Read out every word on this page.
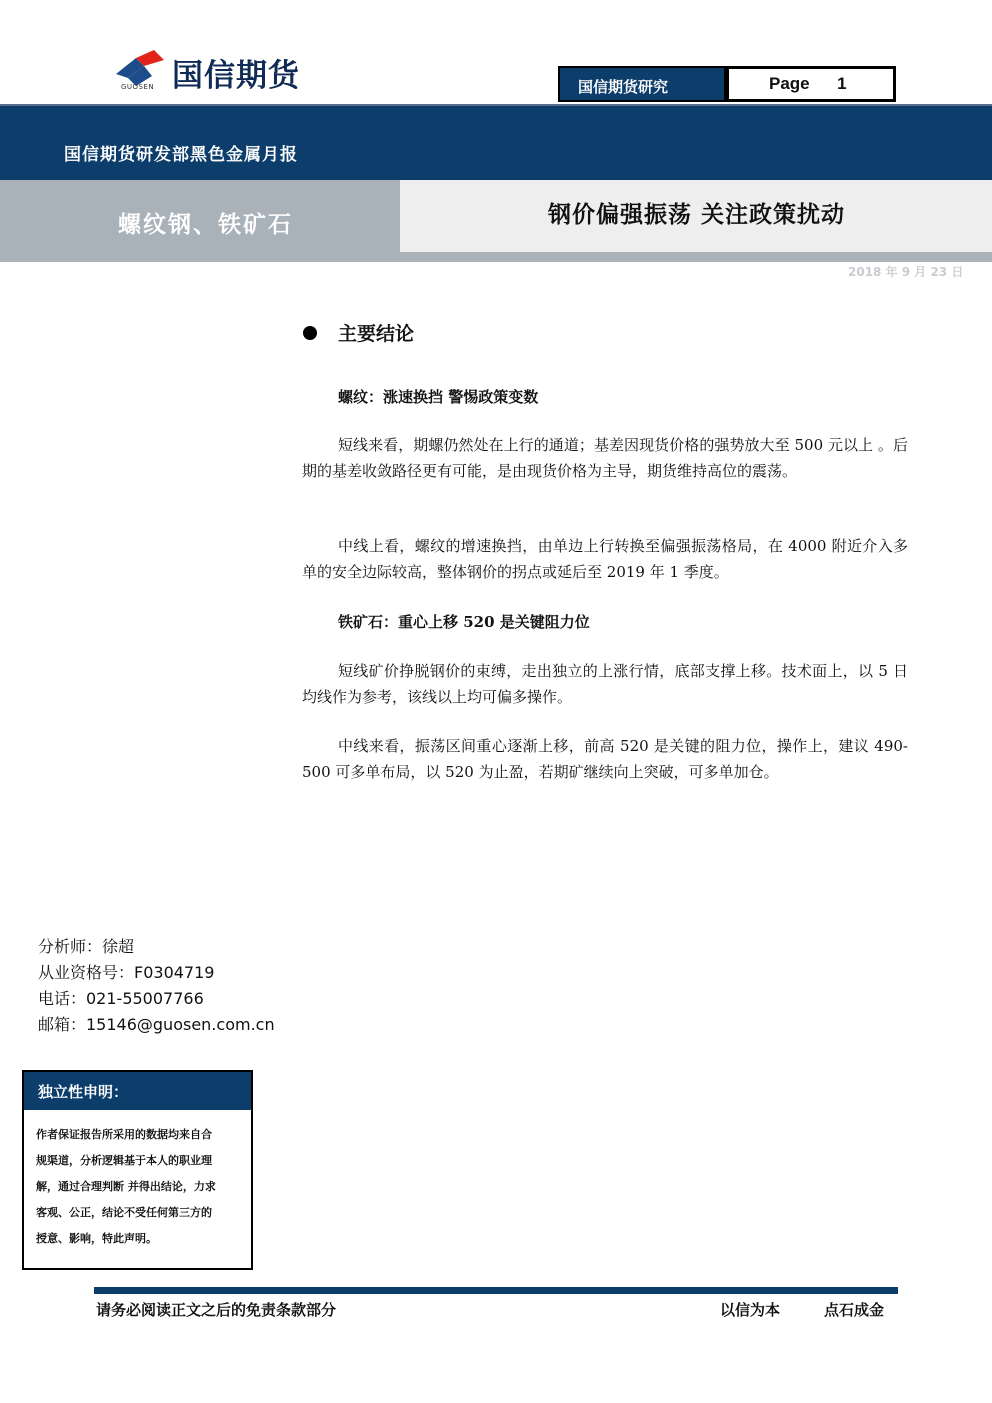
国信期货
GUOSEN	国信期货研究	Page 1
国信期货研发部黑色金属月报
螺纹钢、铁矿石	钢价偏强振荡 关注政策扰动
2018 年 9 月 23 日
主要结论
螺纹：涨速换挡 警惕政策变数
短线来看，期螺仍然处在上行的通道；基差因现货价格的强势放大至 500 元以上 。后期的基差收敛路径更有可能，是由现货价格为主导，期货维持高位的震荡。
中线上看，螺纹的增速换挡，由单边上行转换至偏强振荡格局，在 4000 附近介入多单的安全边际较高，整体钢价的拐点或延后至 2019 年 1 季度。
铁矿石：重心上移 520 是关键阻力位
短线矿价挣脱钢价的束缚，走出独立的上涨行情，底部支撑上移。技术面上，以 5 日均线作为参考，该线以上均可偏多操作。
中线来看，振荡区间重心逐渐上移，前高 520 是关键的阻力位，操作上，建议 490-500 可多单布局，以 520 为止盈，若期矿继续向上突破，可多单加仓。
分析师：徐超
从业资格号：F0304719
电话：021-55007766
邮箱：15146@guosen.com.cn
独立性申明：
作者保证报告所采用的数据均来自合
规渠道，分析逻辑基于本人的职业理
解，通过合理判断 并得出结论，力求
客观、公正，结论不受任何第三方的
授意、影响，特此声明。
请务必阅读正文之后的免责条款部分	以信为本	点石成金
